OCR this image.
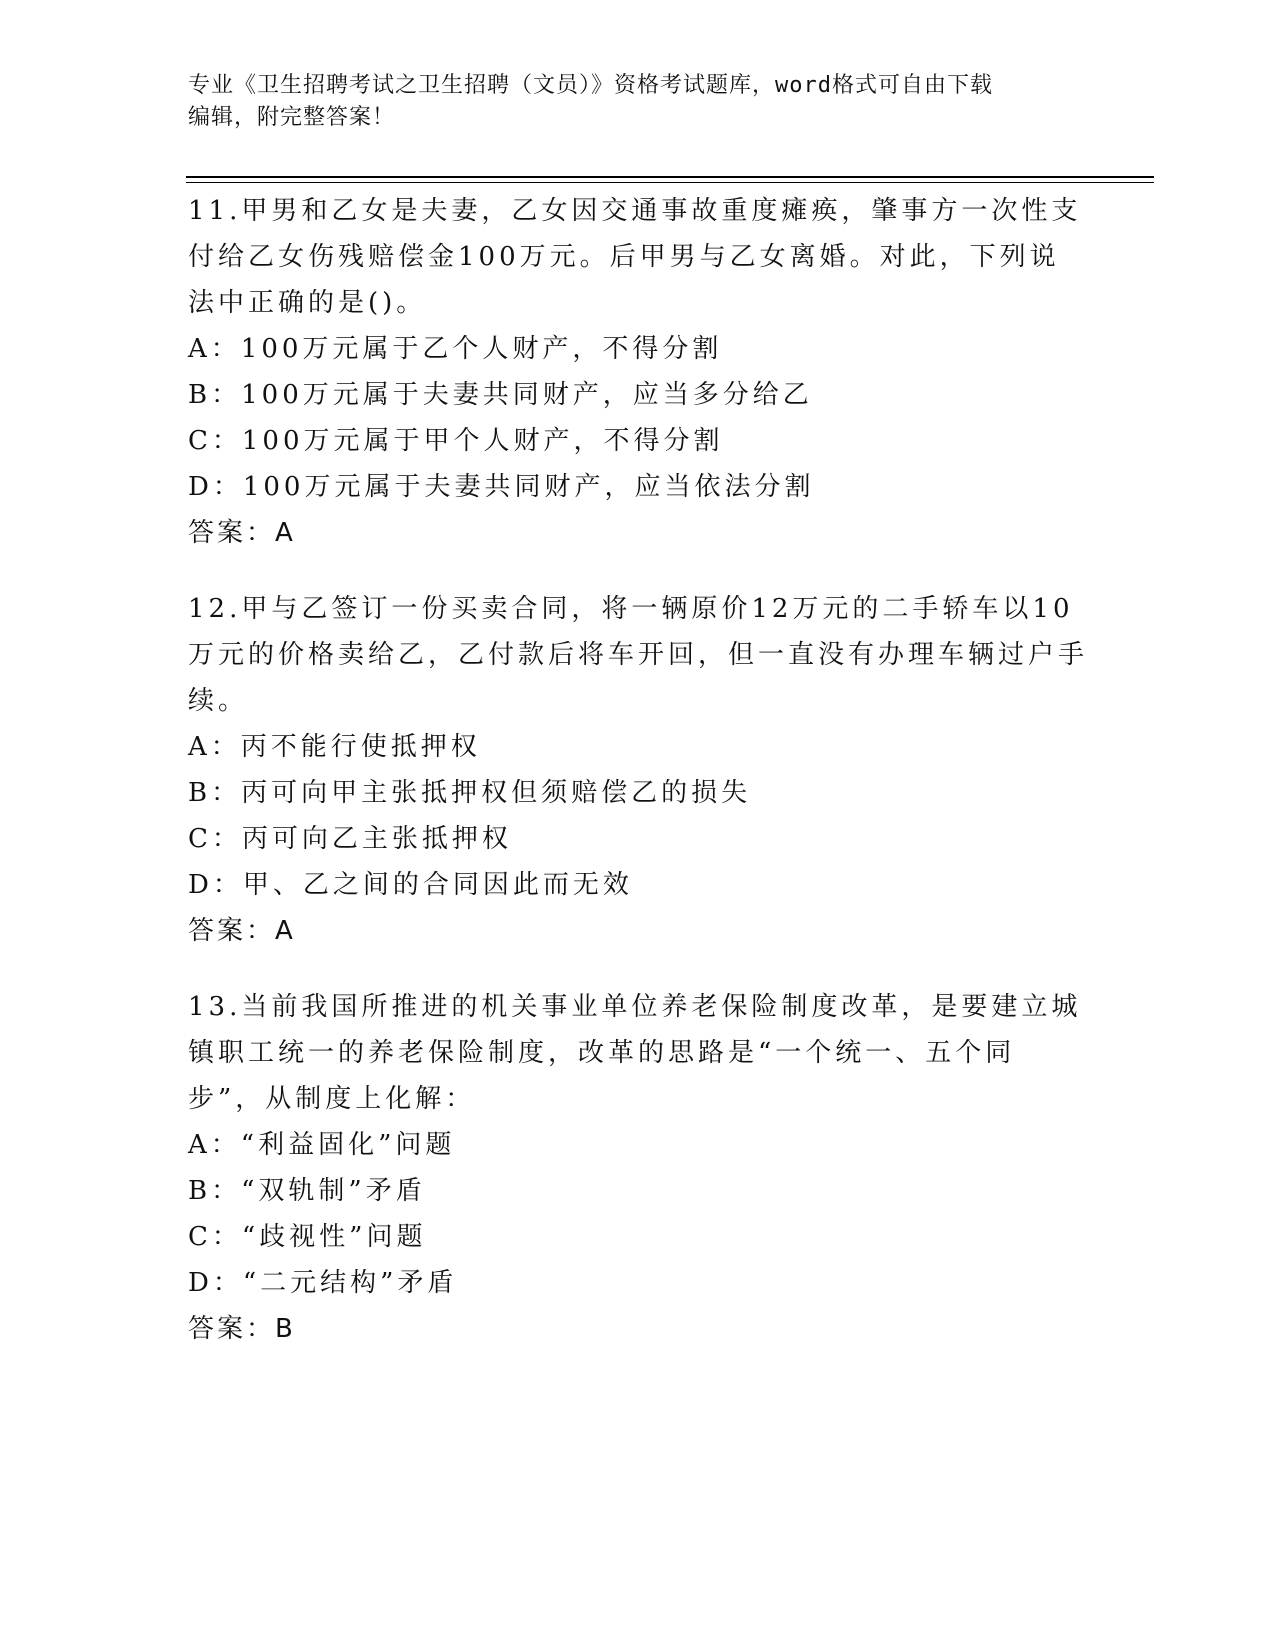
专业《卫生招聘考试之卫生招聘（文员）》资格考试题库，word格式可自由下载
编辑，附完整答案！
11.甲男和乙女是夫妻，乙女因交通事故重度瘫痪，肇事方一次性支付给乙女伤残赔偿金100万元。后甲男与乙女离婚。对此，下列说法中正确的是()。
A：100万元属于乙个人财产，不得分割
B：100万元属于夫妻共同财产，应当多分给乙
C：100万元属于甲个人财产，不得分割
D：100万元属于夫妻共同财产，应当依法分割
答案：A
12.甲与乙签订一份买卖合同，将一辆原价12万元的二手轿车以10万元的价格卖给乙，乙付款后将车开回，但一直没有办理车辆过户手续。
A：丙不能行使抵押权
B：丙可向甲主张抵押权但须赔偿乙的损失
C：丙可向乙主张抵押权
D：甲、乙之间的合同因此而无效
答案：A
13.当前我国所推进的机关事业单位养老保险制度改革，是要建立城镇职工统一的养老保险制度，改革的思路是“一个统一、五个同步”，从制度上化解：
A：“利益固化”问题
B：“双轨制”矛盾
C：“歧视性”问题
D：“二元结构”矛盾
答案：B
